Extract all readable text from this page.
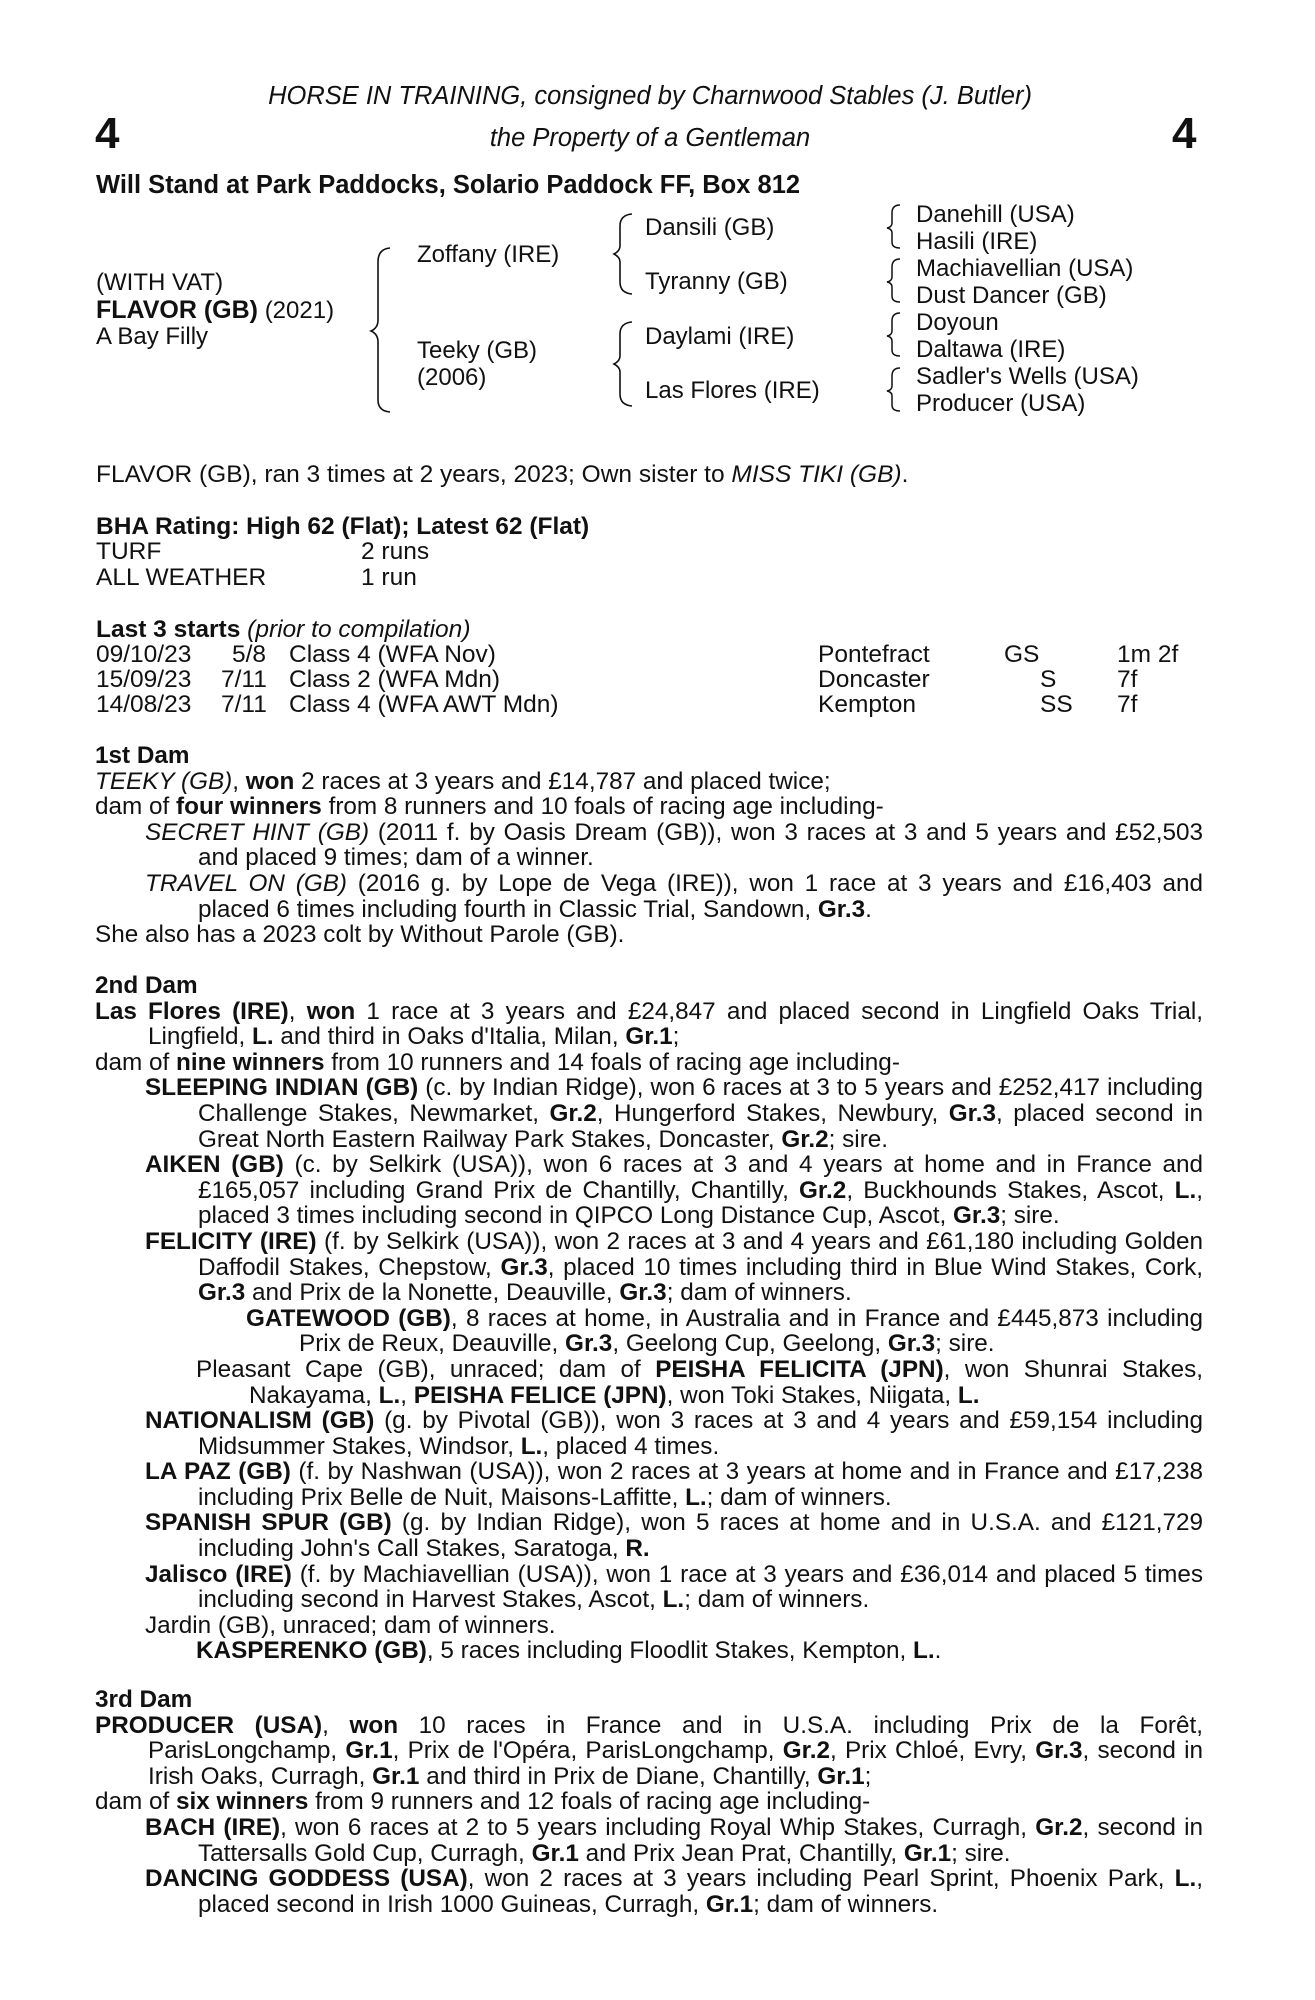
4	4
HORSE IN TRAINING, consigned by Charnwood Stables (J. Butler)
the Property of a Gentleman
Will Stand at Park Paddocks, Solario Paddock FF, Box 812
(WITH VAT)
FLAVOR (GB) (2021)
A Bay Filly
Zoffany (IRE)
Teeky (GB)
(2006)
Dansili (GB)
Tyranny (GB)
Daylami (IRE)
Las Flores (IRE)
Danehill (USA)
Hasili (IRE)
Machiavellian (USA)
Dust Dancer (GB)
Doyoun
Daltawa (IRE)
Sadler's Wells (USA)
Producer (USA)
FLAVOR (GB), ran 3 times at 2 years, 2023; Own sister to MISS TIKI (GB).
BHA Rating: High 62 (Flat); Latest 62 (Flat)
TURF	2 runs
ALL WEATHER	1 run
Last 3 starts (prior to compilation)
09/10/23 5/8 Class 4 (WFA Nov)	Pontefract	GS	1m 2f
15/09/23 7/11 Class 2 (WFA Mdn)	Doncaster	S 7f
14/08/23 7/11 Class 4 (WFA AWT Mdn)	Kempton	SS 7f

1st Dam

TEEKY (GB), won 2 races at 3 years and £14,787 and placed twice;

dam of four winners from 8 runners and 10 foals of racing age including-

SECRET HINT (GB) (2011 f. by Oasis Dream (GB)), won 3 races at 3 and 5 years and £52,503 and placed 9 times; dam of a winner.

TRAVEL ON (GB) (2016 g. by Lope de Vega (IRE)), won 1 race at 3 years and £16,403 and placed 6 times including fourth in Classic Trial, Sandown, Gr.3.

She also has a 2023 colt by Without Parole (GB).

2nd Dam

Las Flores (IRE), won 1 race at 3 years and £24,847 and placed second in Lingfield Oaks Trial, Lingfield, L. and third in Oaks d'Italia, Milan, Gr.1;

dam of nine winners from 10 runners and 14 foals of racing age including-

SLEEPING INDIAN (GB) (c. by Indian Ridge), won 6 races at 3 to 5 years and £252,417 including Challenge Stakes, Newmarket, Gr.2, Hungerford Stakes, Newbury, Gr.3, placed second in Great North Eastern Railway Park Stakes, Doncaster, Gr.2; sire.

AIKEN (GB) (c. by Selkirk (USA)), won 6 races at 3 and 4 years at home and in France and £165,057 including Grand Prix de Chantilly, Chantilly, Gr.2, Buckhounds Stakes, Ascot, L., placed 3 times including second in QIPCO Long Distance Cup, Ascot, Gr.3; sire.

FELICITY (IRE) (f. by Selkirk (USA)), won 2 races at 3 and 4 years and £61,180 including Golden Daffodil Stakes, Chepstow, Gr.3, placed 10 times including third in Blue Wind Stakes, Cork, Gr.3 and Prix de la Nonette, Deauville, Gr.3; dam of winners.

GATEWOOD (GB), 8 races at home, in Australia and in France and £445,873 including Prix de Reux, Deauville, Gr.3, Geelong Cup, Geelong, Gr.3; sire.

Pleasant Cape (GB), unraced; dam of PEISHA FELICITA (JPN), won Shunrai Stakes, Nakayama, L., PEISHA FELICE (JPN), won Toki Stakes, Niigata, L.

NATIONALISM (GB) (g. by Pivotal (GB)), won 3 races at 3 and 4 years and £59,154 including Midsummer Stakes, Windsor, L., placed 4 times.

LA PAZ (GB) (f. by Nashwan (USA)), won 2 races at 3 years at home and in France and £17,238 including Prix Belle de Nuit, Maisons-Laffitte, L.; dam of winners.

SPANISH SPUR (GB) (g. by Indian Ridge), won 5 races at home and in U.S.A. and £121,729 including John's Call Stakes, Saratoga, R.

Jalisco (IRE) (f. by Machiavellian (USA)), won 1 race at 3 years and £36,014 and placed 5 times including second in Harvest Stakes, Ascot, L.; dam of winners.

Jardin (GB), unraced; dam of winners.

KASPERENKO (GB), 5 races including Floodlit Stakes, Kempton, L..

3rd Dam

PRODUCER (USA), won 10 races in France and in U.S.A. including Prix de la Forêt, ParisLongchamp, Gr.1, Prix de l'Opéra, ParisLongchamp, Gr.2, Prix Chloé, Evry, Gr.3, second in Irish Oaks, Curragh, Gr.1 and third in Prix de Diane, Chantilly, Gr.1;

dam of six winners from 9 runners and 12 foals of racing age including-

BACH (IRE), won 6 races at 2 to 5 years including Royal Whip Stakes, Curragh, Gr.2, second in Tattersalls Gold Cup, Curragh, Gr.1 and Prix Jean Prat, Chantilly, Gr.1; sire.

DANCING GODDESS (USA), won 2 races at 3 years including Pearl Sprint, Phoenix Park, L., placed second in Irish 1000 Guineas, Curragh, Gr.1; dam of winners.
